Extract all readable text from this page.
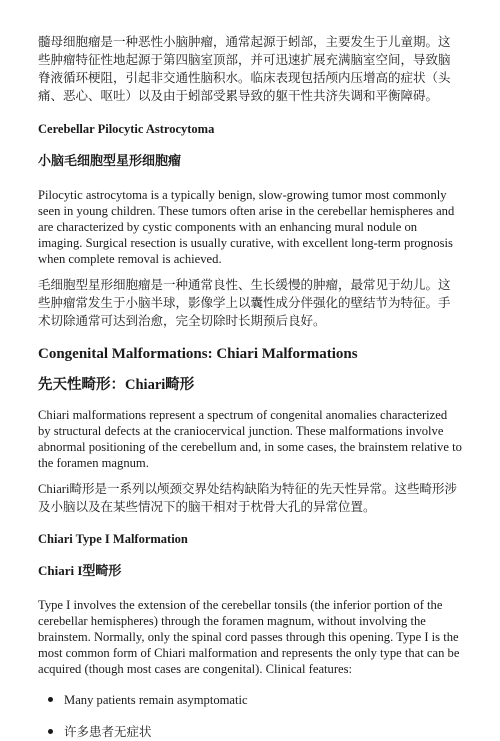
髓母细胞瘤是一种恶性小脑肿瘤，通常起源于蚓部，主要发生于儿童期。这些肿瘤特征性地起源于第四脑室顶部，并可迅速扩展充满脑室空间，导致脑脊液循环梗阻，引起非交通性脑积水。临床表现包括颅内压增高的症状（头痛、恶心、呕吐）以及由于蚓部受累导致的躯干性共济失调和平衡障碍。

Cerebellar Pilocytic Astrocytoma

小脑毛细胞型星形细胞瘤

Pilocytic astrocytoma is a typically benign, slow-growing tumor most commonly seen in young children. These tumors often arise in the cerebellar hemispheres and are characterized by cystic components with an enhancing mural nodule on imaging. Surgical resection is usually curative, with excellent long-term prognosis when complete removal is achieved.

毛细胞型星形细胞瘤是一种通常良性、生长缓慢的肿瘤，最常见于幼儿。这些肿瘤常发生于小脑半球，影像学上以囊性成分伴强化的壁结节为特征。手术切除通常可达到治愈，完全切除时长期预后良好。

Congenital Malformations: Chiari Malformations

先天性畸形：Chiari畸形

Chiari malformations represent a spectrum of congenital anomalies characterized by structural defects at the craniocervical junction. These malformations involve abnormal positioning of the cerebellum and, in some cases, the brainstem relative to the foramen magnum.

Chiari畸形是一系列以颅颈交界处结构缺陷为特征的先天性异常。这些畸形涉及小脑以及在某些情况下的脑干相对于枕骨大孔的异常位置。

Chiari Type I Malformation

Chiari I型畸形

Type I involves the extension of the cerebellar tonsils (the inferior portion of the cerebellar hemispheres) through the foramen magnum, without involving the brainstem. Normally, only the spinal cord passes through this opening. Type I is the most common form of Chiari malformation and represents the only type that can be acquired (though most cases are congenital). Clinical features:

Many patients remain asymptomatic
许多患者无症状
